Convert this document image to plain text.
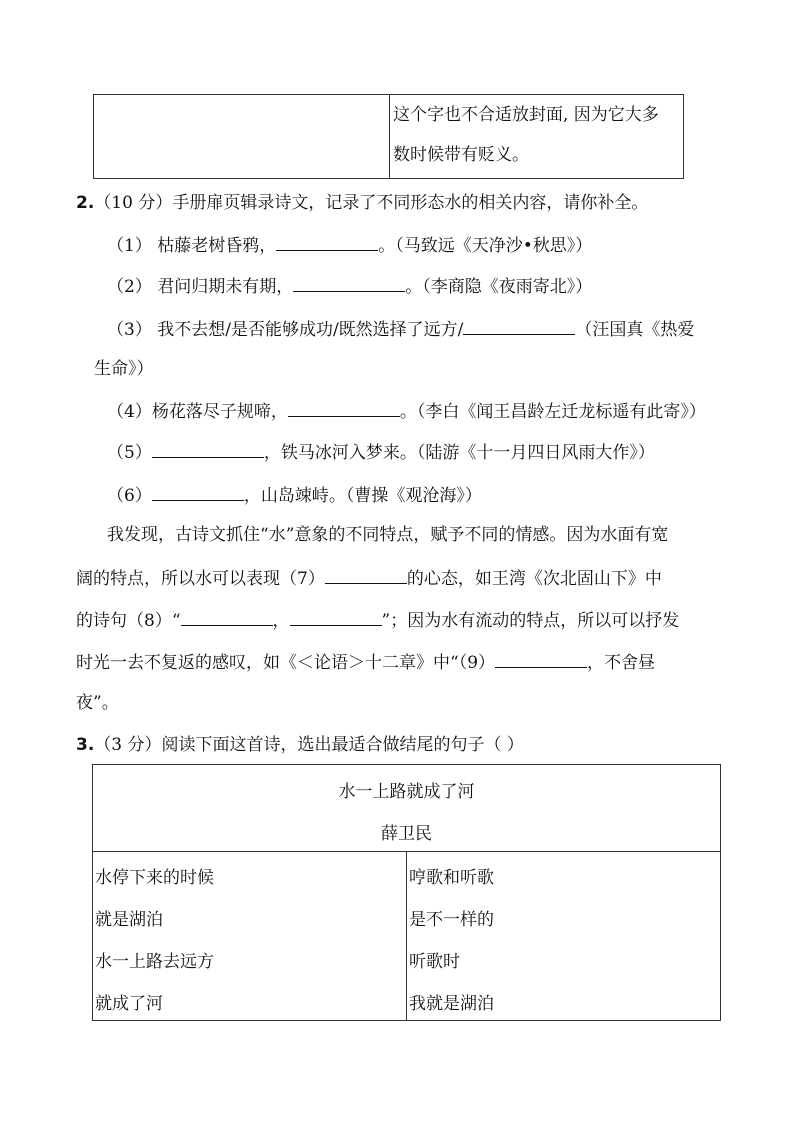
这个字也不合适放封面, 因为它大多
数时候带有贬义。
2.（10 分）手册扉页辑录诗文，记录了不同形态水的相关内容，请你补全。
（1） 枯藤老树昏鸦，	。（马致远《天净沙•秋思》）
（2） 君问归期未有期，	。（李商隐《夜雨寄北》）
（3） 我不去想/是否能够成功/既然选择了远方/	（汪国真《热爱
生命》）
（4）杨花落尽子规啼，	。（李白《闻王昌龄左迁龙标遥有此寄》）
（5）	，铁马冰河入梦来。（陆游《十一月四日风雨大作》）
（6）	，山岛竦峙。（曹操《观沧海》）
我发现，古诗文抓住“水”意象的不同特点，赋予不同的情感。因为水面有宽
阔的特点，所以水可以表现（7）	的心态，如王湾《次北固山下》中
的诗句（8）“	，	”；因为水有流动的特点，所以可以抒发
时光一去不复返的感叹，如《＜论语＞十二章》中“（9）	，不舍昼
夜”。
3.（3 分）阅读下面这首诗，选出最适合做结尾的句子（ ）
水一上路就成了河
薛卫民
水停下来的时候
就是湖泊
水一上路去远方
就成了河
哼歌和听歌
是不一样的
听歌时
我就是湖泊
